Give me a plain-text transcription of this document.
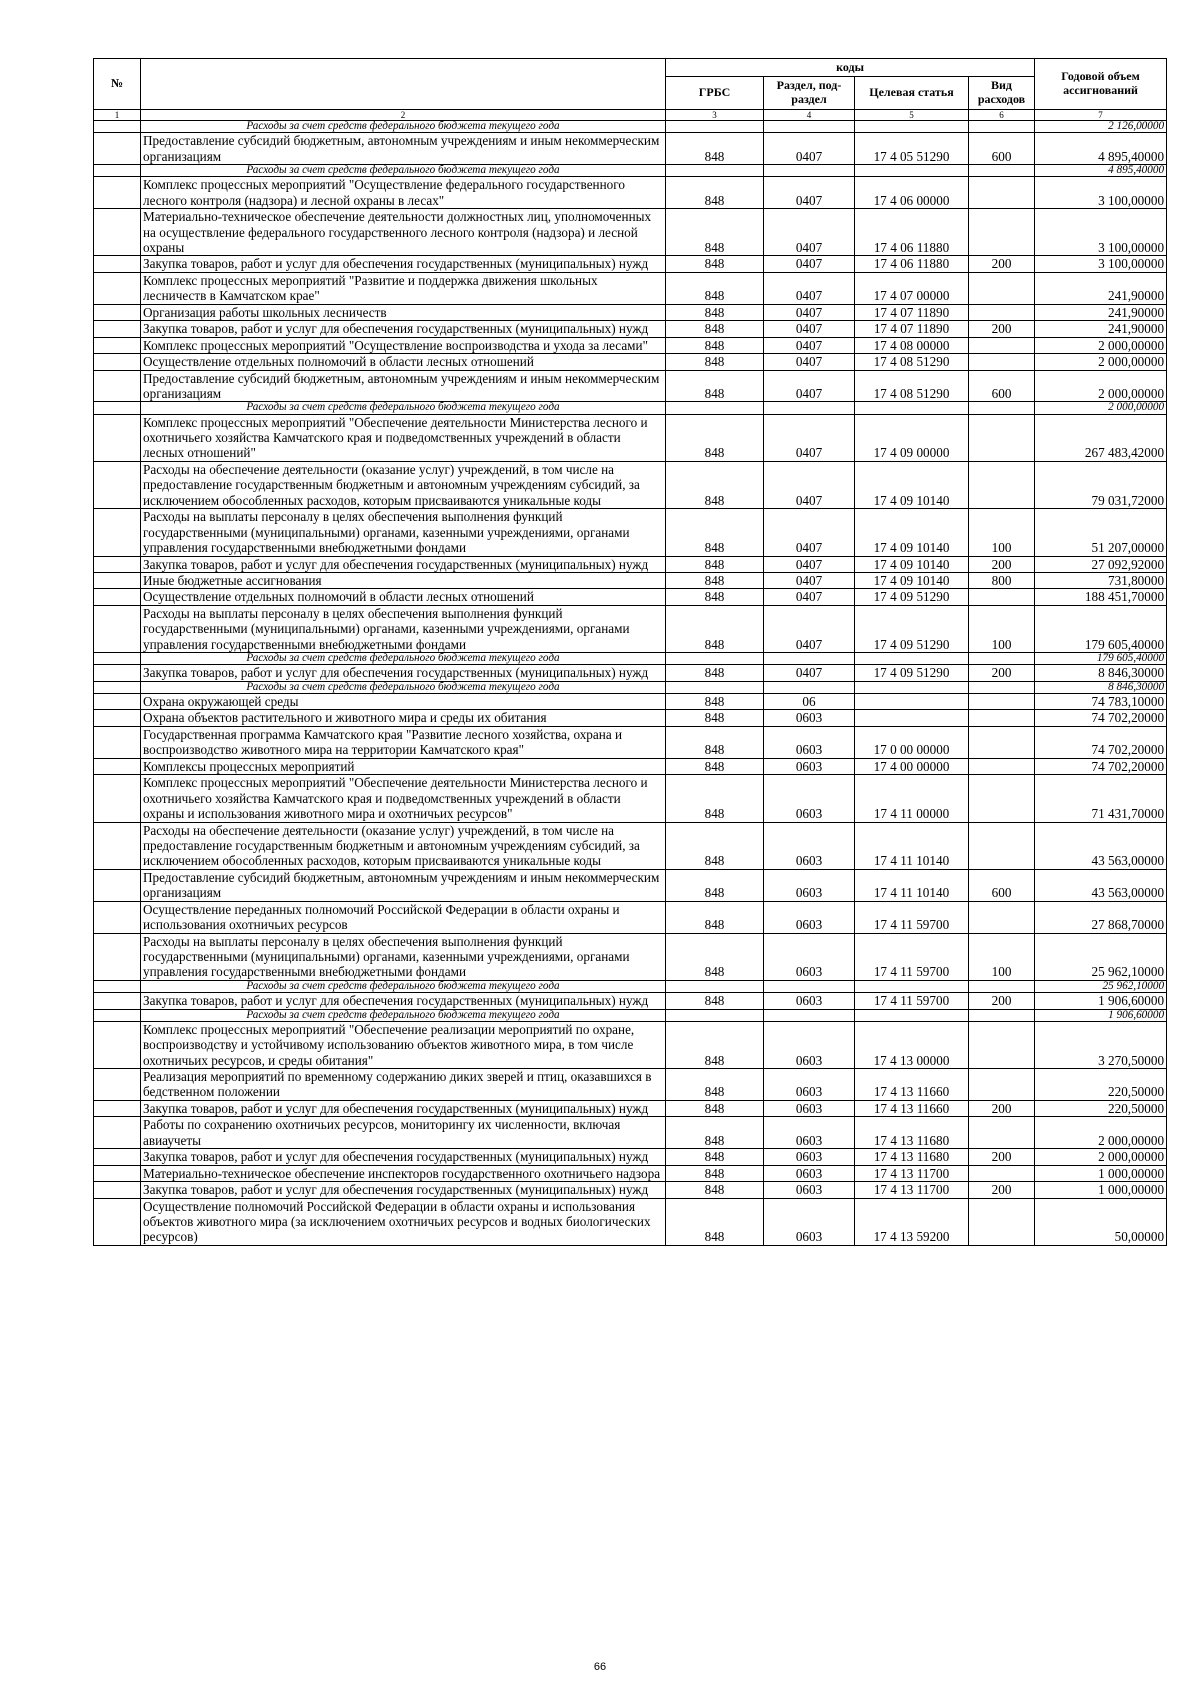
№		коды				Годовой объем ассигнований
		ГРБС	Раздел, под-раздел	Целевая статья	Вид расходов	
1	2	3	4	5	6	7
	Расходы за счет средств федерального бюджета текущего года					2 126,00000
	Предоставление субсидий бюджетным, автономным учреждениям и иным некоммерческим организациям	848	0407	17 4 05 51290	600	4 895,40000
	Расходы за счет средств федерального бюджета текущего года					4 895,40000
	Комплекс процессных мероприятий "Осуществление федерального государственного лесного контроля (надзора) и лесной охраны в лесах"	848	0407	17 4 06 00000		3 100,00000
	Материально-техническое обеспечение деятельности должностных лиц, уполномоченных на осуществление федерального государственного лесного контроля (надзора) и лесной охраны	848	0407	17 4 06 11880		3 100,00000
	Закупка товаров, работ и услуг для обеспечения государственных (муниципальных) нужд	848	0407	17 4 06 11880	200	3 100,00000
	Комплекс процессных мероприятий "Развитие и поддержка движения школьных лесничеств в Камчатском крае"	848	0407	17 4 07 00000		241,90000
	Организация работы школьных лесничеств	848	0407	17 4 07 11890		241,90000
	Закупка товаров, работ и услуг для обеспечения государственных (муниципальных) нужд	848	0407	17 4 07 11890	200	241,90000
	Комплекс процессных мероприятий "Осуществление воспроизводства и ухода за лесами"	848	0407	17 4 08 00000		2 000,00000
	Осуществление отдельных полномочий в области лесных отношений	848	0407	17 4 08 51290		2 000,00000
	Предоставление субсидий бюджетным, автономным учреждениям и иным некоммерческим организациям	848	0407	17 4 08 51290	600	2 000,00000
	Расходы за счет средств федерального бюджета текущего года					2 000,00000
	Комплекс процессных мероприятий "Обеспечение деятельности Министерства лесного и охотничьего хозяйства Камчатского края и подведомственных учреждений в области лесных отношений"	848	0407	17 4 09 00000		267 483,42000
	Расходы на обеспечение деятельности (оказание услуг) учреждений, в том числе на предоставление государственным бюджетным и автономным учреждениям субсидий, за исключением обособленных расходов, которым присваиваются уникальные коды	848	0407	17 4 09 10140		79 031,72000
	Расходы на выплаты персоналу в целях обеспечения выполнения функций государственными (муниципальными) органами, казенными учреждениями, органами управления государственными внебюджетными фондами	848	0407	17 4 09 10140	100	51 207,00000
	Закупка товаров, работ и услуг для обеспечения государственных (муниципальных) нужд	848	0407	17 4 09 10140	200	27 092,92000
	Иные бюджетные ассигнования	848	0407	17 4 09 10140	800	731,80000
	Осуществление отдельных полномочий в области лесных отношений	848	0407	17 4 09 51290		188 451,70000
	Расходы на выплаты персоналу в целях обеспечения выполнения функций государственными (муниципальными) органами, казенными учреждениями, органами управления государственными внебюджетными фондами	848	0407	17 4 09 51290	100	179 605,40000
	Расходы за счет средств федерального бюджета текущего года					179 605,40000
	Закупка товаров, работ и услуг для обеспечения государственных (муниципальных) нужд	848	0407	17 4 09 51290	200	8 846,30000
	Расходы за счет средств федерального бюджета текущего года					8 846,30000
	Охрана окружающей среды	848	06			74 783,10000
	Охрана объектов растительного и животного мира и среды их обитания	848	0603			74 702,20000
	Государственная программа Камчатского края "Развитие лесного хозяйства, охрана и воспроизводство животного мира на территории Камчатского края"	848	0603	17 0 00 00000		74 702,20000
	Комплексы процессных мероприятий	848	0603	17 4 00 00000		74 702,20000
	Комплекс процессных мероприятий "Обеспечение деятельности Министерства лесного и охотничьего хозяйства Камчатского края и подведомственных учреждений в области охраны и использования животного мира и охотничьих ресурсов"	848	0603	17 4 11 00000		71 431,70000
	Расходы на обеспечение деятельности (оказание услуг) учреждений, в том числе на предоставление государственным бюджетным и автономным учреждениям субсидий, за исключением обособленных расходов, которым присваиваются уникальные коды	848	0603	17 4 11 10140		43 563,00000
	Предоставление субсидий бюджетным, автономным учреждениям и иным некоммерческим организациям	848	0603	17 4 11 10140	600	43 563,00000
	Осуществление переданных полномочий Российской Федерации в области охраны и использования охотничьих ресурсов	848	0603	17 4 11 59700		27 868,70000
	Расходы на выплаты персоналу в целях обеспечения выполнения функций государственными (муниципальными) органами, казенными учреждениями, органами управления государственными внебюджетными фондами	848	0603	17 4 11 59700	100	25 962,10000
	Расходы за счет средств федерального бюджета текущего года					25 962,10000
	Закупка товаров, работ и услуг для обеспечения государственных (муниципальных) нужд	848	0603	17 4 11 59700	200	1 906,60000
	Расходы за счет средств федерального бюджета текущего года					1 906,60000
	Комплекс процессных мероприятий "Обеспечение реализации мероприятий по охране, воспроизводству и устойчивому использованию объектов животного мира, в том числе охотничьих ресурсов, и среды обитания"	848	0603	17 4 13 00000		3 270,50000
	Реализация мероприятий по временному содержанию диких зверей и птиц, оказавшихся в бедственном положении	848	0603	17 4 13 11660		220,50000
	Закупка товаров, работ и услуг для обеспечения государственных (муниципальных) нужд	848	0603	17 4 13 11660	200	220,50000
	Работы по сохранению охотничьих ресурсов, мониторингу их численности, включая авиаучеты	848	0603	17 4 13 11680		2 000,00000
	Закупка товаров, работ и услуг для обеспечения государственных (муниципальных) нужд	848	0603	17 4 13 11680	200	2 000,00000
	Материально-техническое обеспечение инспекторов государственного охотничьего надзора	848	0603	17 4 13 11700		1 000,00000
	Закупка товаров, работ и услуг для обеспечения государственных (муниципальных) нужд	848	0603	17 4 13 11700	200	1 000,00000
	Осуществление полномочий Российской Федерации в области охраны и использования объектов животного мира (за исключением охотничьих ресурсов и водных биологических ресурсов)	848	0603	17 4 13 59200		50,00000
66
